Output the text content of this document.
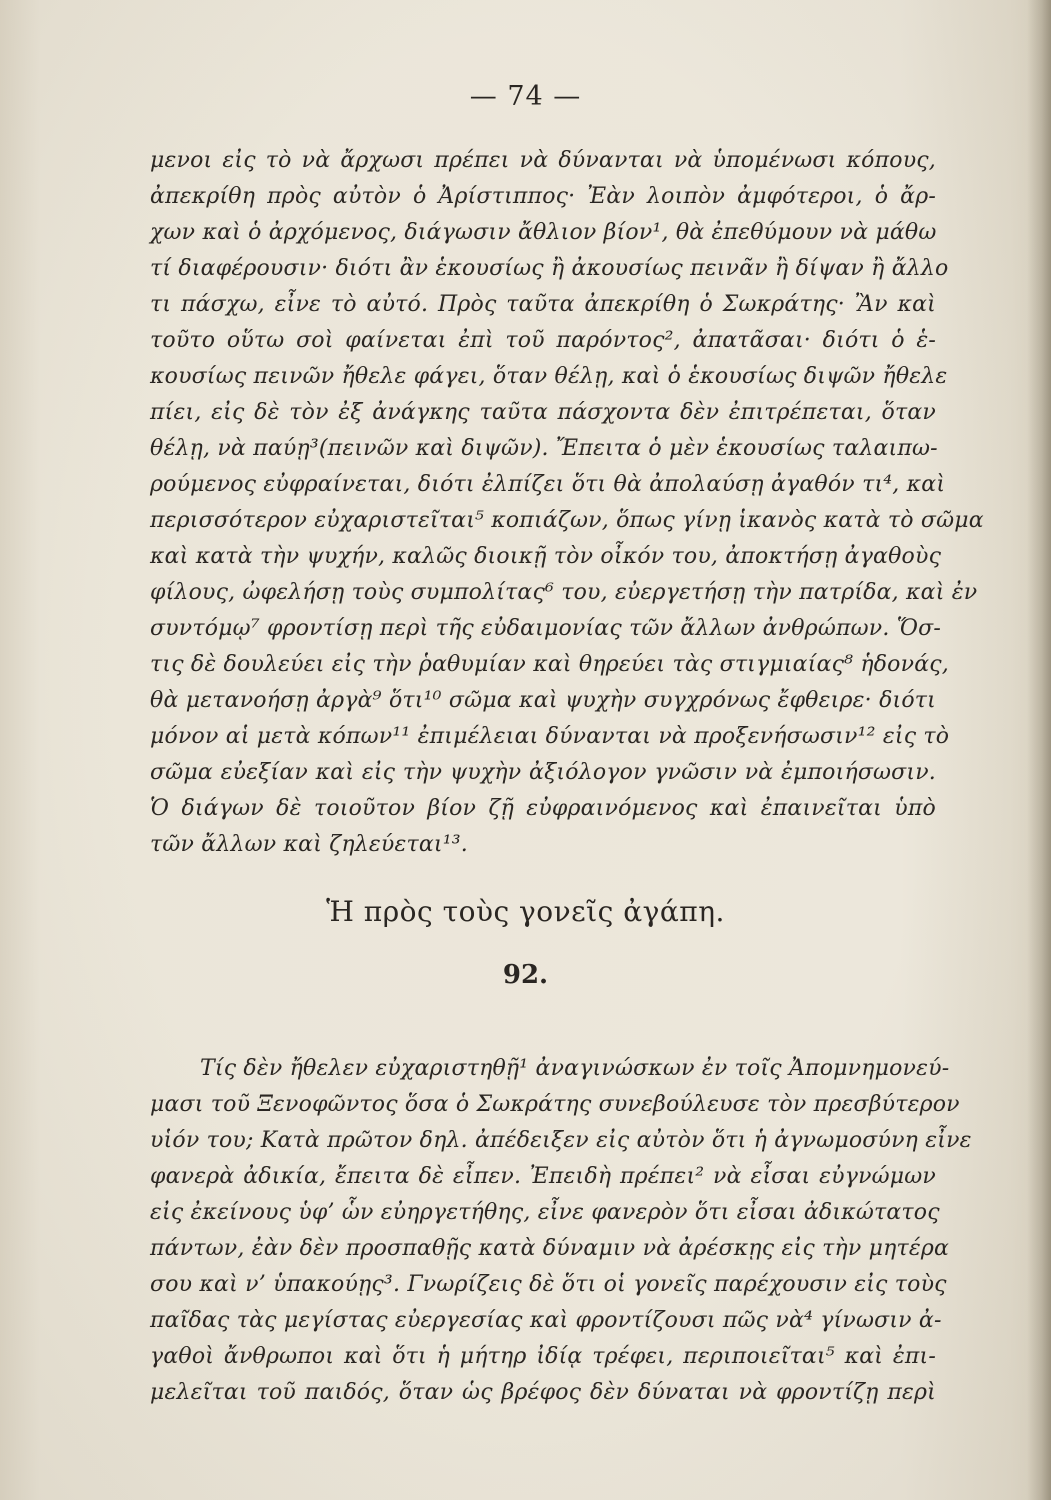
— 74 —
μενοι εἰς τὸ νὰ ἄρχωσι πρέπει νὰ δύνανται νὰ ὑπομένωσι κόπους,
ἀπεκρίθη πρὸς αὐτὸν ὁ Ἀρίστιππος· Ἐὰν λοιπὸν ἀμφότεροι, ὁ ἄρ-
χων καὶ ὁ ἀρχόμενος, διάγωσιν ἄθλιον βίον¹, θὰ ἐπεθύμουν νὰ μάθω
τί διαφέρουσιν· διότι ἂν ἑκουσίως ἢ ἀκουσίως πεινᾶν ἢ δίψαν ἢ ἄλλο
τι πάσχω, εἶνε τὸ αὐτό. Πρὸς ταῦτα ἀπεκρίθη ὁ Σωκράτης· Ἂν καὶ
τοῦτο οὕτω σοὶ φαίνεται ἐπὶ τοῦ παρόντος², ἀπατᾶσαι· διότι ὁ ἑ-
κουσίως πεινῶν ἤθελε φάγει, ὅταν θέλῃ, καὶ ὁ ἑκουσίως διψῶν ἤθελε
πίει, εἰς δὲ τὸν ἐξ ἀνάγκης ταῦτα πάσχοντα δὲν ἐπιτρέπεται, ὅταν
θέλῃ, νὰ παύῃ³(πεινῶν καὶ διψῶν). Ἔπειτα ὁ μὲν ἑκουσίως ταλαιπω-
ρούμενος εὐφραίνεται, διότι ἐλπίζει ὅτι θὰ ἀπολαύσῃ ἀγαθόν τι⁴, καὶ
περισσότερον εὐχαριστεῖται⁵ κοπιάζων, ὅπως γίνῃ ἱκανὸς κατὰ τὸ σῶμα
καὶ κατὰ τὴν ψυχήν, καλῶς διοικῇ τὸν οἶκόν του, ἀποκτήσῃ ἀγαθοὺς
φίλους, ὠφελήσῃ τοὺς συμπολίτας⁶ του, εὐεργετήσῃ τὴν πατρίδα, καὶ ἐν
συντόμῳ⁷ φροντίσῃ περὶ τῆς εὐδαιμονίας τῶν ἄλλων ἀνθρώπων. Ὅσ-
τις δὲ δουλεύει εἰς τὴν ῥαθυμίαν καὶ θηρεύει τὰς στιγμιαίας⁸ ἡδονάς,
θὰ μετανοήσῃ ἀργὰ⁹ ὅτι¹⁰ σῶμα καὶ ψυχὴν συγχρόνως ἔφθειρε· διότι
μόνον αἱ μετὰ κόπων¹¹ ἐπιμέλειαι δύνανται νὰ προξενήσωσιν¹² εἰς τὸ
σῶμα εὐεξίαν καὶ εἰς τὴν ψυχὴν ἀξιόλογον γνῶσιν νὰ ἐμποιήσωσιν.
Ὁ διάγων δὲ τοιοῦτον βίον ζῇ εὐφραινόμενος καὶ ἐπαινεῖται ὑπὸ
τῶν ἄλλων καὶ ζηλεύεται¹³.
Ἡ πρὸς τοὺς γονεῖς ἀγάπη.
92.
Τίς δὲν ἤθελεν εὐχαριστηθῇ¹ ἀναγινώσκων ἐν τοῖς Ἀπομνημονεύ-
μασι τοῦ Ξενοφῶντος ὅσα ὁ Σωκράτης συνεβούλευσε τὸν πρεσβύτερον
υἱόν του; Κατὰ πρῶτον δηλ. ἀπέδειξεν εἰς αὐτὸν ὅτι ἡ ἀγνωμοσύνη εἶνε
φανερὰ ἀδικία, ἔπειτα δὲ εἶπεν. Ἐπειδὴ πρέπει² νὰ εἶσαι εὐγνώμων
εἰς ἐκείνους ὑφ’ ὧν εὐηργετήθης, εἶνε φανερὸν ὅτι εἶσαι ἀδικώτατος
πάντων, ἐὰν δὲν προσπαθῇς κατὰ δύναμιν νὰ ἀρέσκῃς εἰς τὴν μητέρα
σου καὶ ν’ ὑπακούῃς³. Γνωρίζεις δὲ ὅτι οἱ γονεῖς παρέχουσιν εἰς τοὺς
παῖδας τὰς μεγίστας εὐεργεσίας καὶ φροντίζουσι πῶς νὰ⁴ γίνωσιν ἀ-
γαθοὶ ἄνθρωποι καὶ ὅτι ἡ μήτηρ ἰδίᾳ τρέφει, περιποιεῖται⁵ καὶ ἐπι-
μελεῖται τοῦ παιδός, ὅταν ὡς βρέφος δὲν δύναται νὰ φροντίζῃ περὶ
